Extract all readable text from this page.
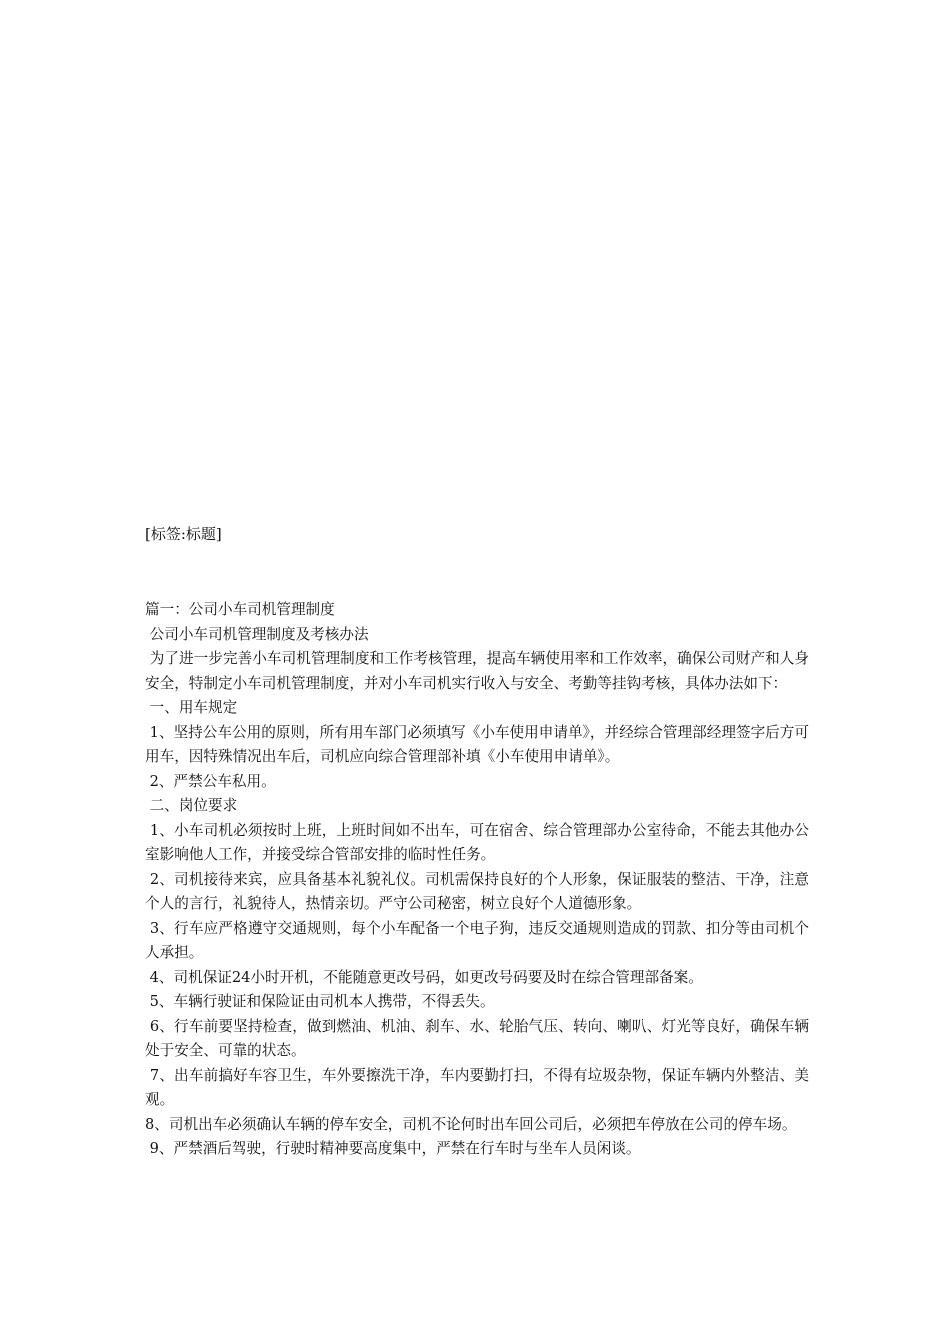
[标签:标题]

篇一：公司小车司机管理制度

公司小车司机管理制度及考核办法

为了进一步完善小车司机管理制度和工作考核管理，提高车辆使用率和工作效率，确保公司财产和人身安全，特制定小车司机管理制度，并对小车司机实行收入与安全、考勤等挂钩考核，具体办法如下：

一、用车规定

1、坚持公车公用的原则，所有用车部门必须填写《小车使用申请单》，并经综合管理部经理签字后方可用车，因特殊情况出车后，司机应向综合管理部补填《小车使用申请单》。

2、严禁公车私用。

二、岗位要求

1、小车司机必须按时上班，上班时间如不出车，可在宿舍、综合管理部办公室待命，不能去其他办公室影响他人工作，并接受综合管部安排的临时性任务。

2、司机接待来宾，应具备基本礼貌礼仪。司机需保持良好的个人形象，保证服装的整洁、干净，注意个人的言行，礼貌待人，热情亲切。严守公司秘密，树立良好个人道德形象。

3、行车应严格遵守交通规则，每个小车配备一个电子狗，违反交通规则造成的罚款、扣分等由司机个人承担。

4、司机保证24小时开机，不能随意更改号码，如更改号码要及时在综合管理部备案。

5、车辆行驶证和保险证由司机本人携带，不得丢失。

6、行车前要坚持检查，做到燃油、机油、刹车、水、轮胎气压、转向、喇叭、灯光等良好，确保车辆处于安全、可靠的状态。

7、出车前搞好车容卫生，车外要擦洗干净，车内要勤打扫，不得有垃圾杂物，保证车辆内外整洁、美观。

8、司机出车必须确认车辆的停车安全，司机不论何时出车回公司后，必须把车停放在公司的停车场。

9、严禁酒后驾驶，行驶时精神要高度集中，严禁在行车时与坐车人员闲谈。
